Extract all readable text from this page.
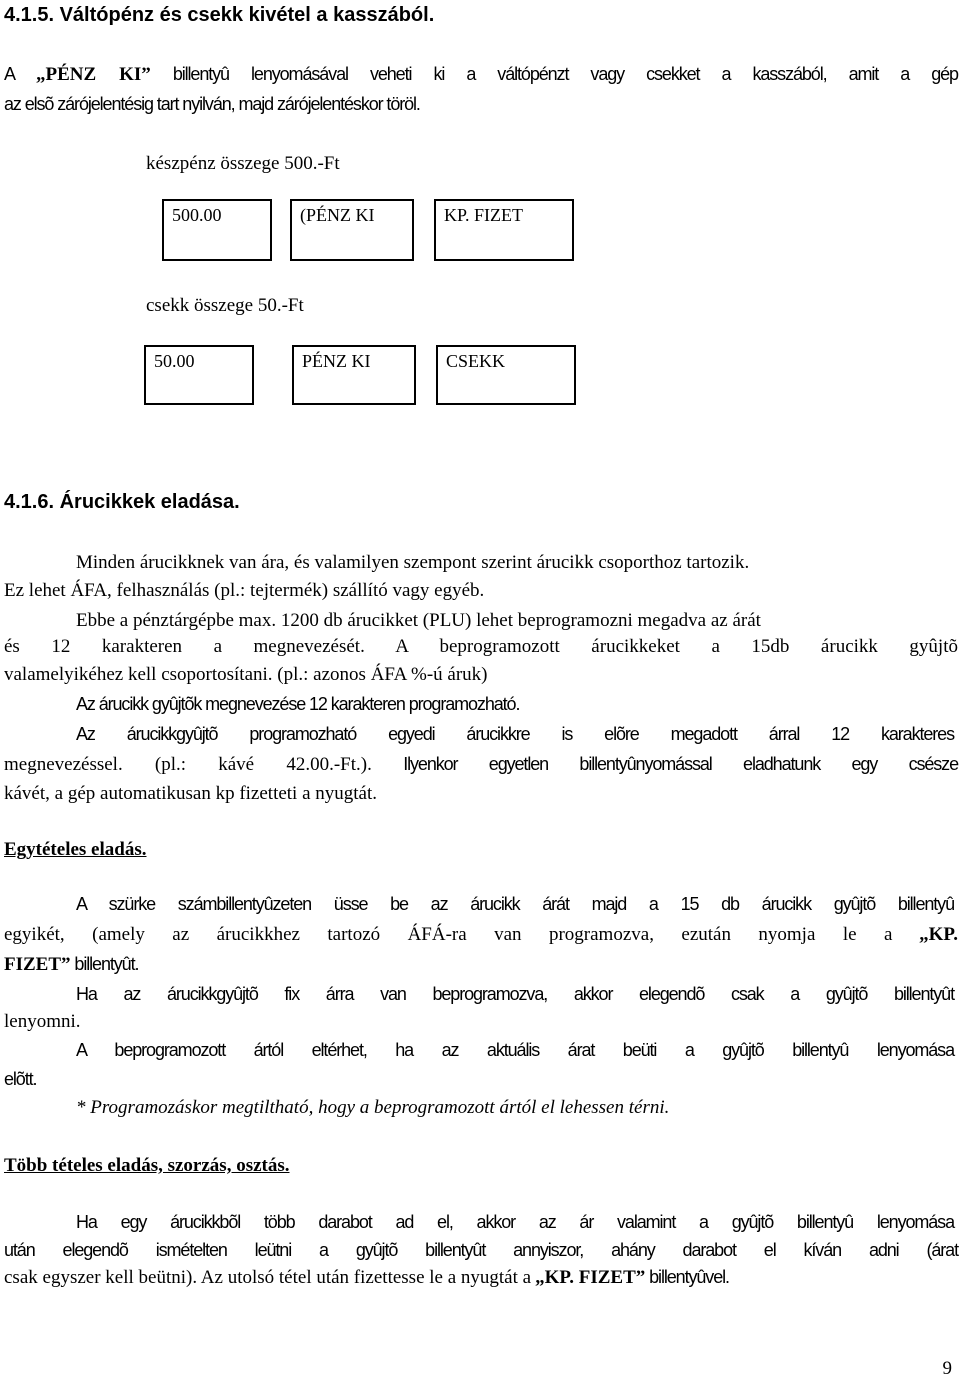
4.1.5. Váltópénz és csekk kivétel a kasszából.
A „PÉNZ KI” billentyû lenyomásával veheti ki a váltópénzt vagy csekket a kasszából, amit a gép
az elsõ zárójelentésig tart nyilván, majd zárójelentéskor töröl.
készpénz összege 500.-Ft
500.00	(PÉNZ KI	KP. FIZET
csekk összege 50.-Ft
50.00	PÉNZ KI	CSEKK
4.1.6. Árucikkek eladása.
Minden árucikknek van ára, és valamilyen szempont szerint árucikk csoporthoz tartozik.
Ez lehet ÁFA, felhasználás (pl.: tejtermék) szállító vagy egyéb.
Ebbe a pénztárgépbe max. 1200 db árucikket (PLU) lehet beprogramozni megadva az árát
és 12 karakteren a megnevezését. A beprogramozott árucikkeket a 15db árucikk gyûjtõ
valamelyikéhez kell csoportosítani. (pl.: azonos ÁFA %-ú áruk)
Az árucikk gyûjtõk megnevezése 12 karakteren programozható.
Az árucikkgyûjtõ programozható egyedi árucikkre is elõre megadott árral 12 karakteres
megnevezéssel. (pl.: kávé 42.00.-Ft.). Ilyenkor egyetlen billentyûnyomással eladhatunk egy csésze
kávét, a gép automatikusan kp fizetteti a nyugtát.
Egytételes eladás.
A szürke számbillentyûzeten üsse be az árucikk árát majd a 15 db árucikk gyûjtõ billentyû
egyikét, (amely az árucikkhez tartozó ÁFÁ-ra van programozva, ezután nyomja le a „KP.
FIZET” billentyût.
Ha az árucikkgyûjtõ fix árra van beprogramozva, akkor elegendõ csak a gyûjtõ billentyût
lenyomni.
A beprogramozott ártól eltérhet, ha az aktuális árat beüti a gyûjtõ billentyû lenyomása
elõtt.
* Programozáskor megtiltható, hogy a beprogramozott ártól el lehessen térni.
Több tételes eladás, szorzás, osztás.
Ha egy árucikkbõl több darabot ad el, akkor az ár valamint a gyûjtõ billentyû lenyomása
után elegendõ ismételten leütni a gyûjtõ billentyût annyiszor, ahány darabot el kíván adni (árat
csak egyszer kell beütni). Az utolsó tétel után fizettesse le a nyugtát a „KP. FIZET” billentyûvel.
9
